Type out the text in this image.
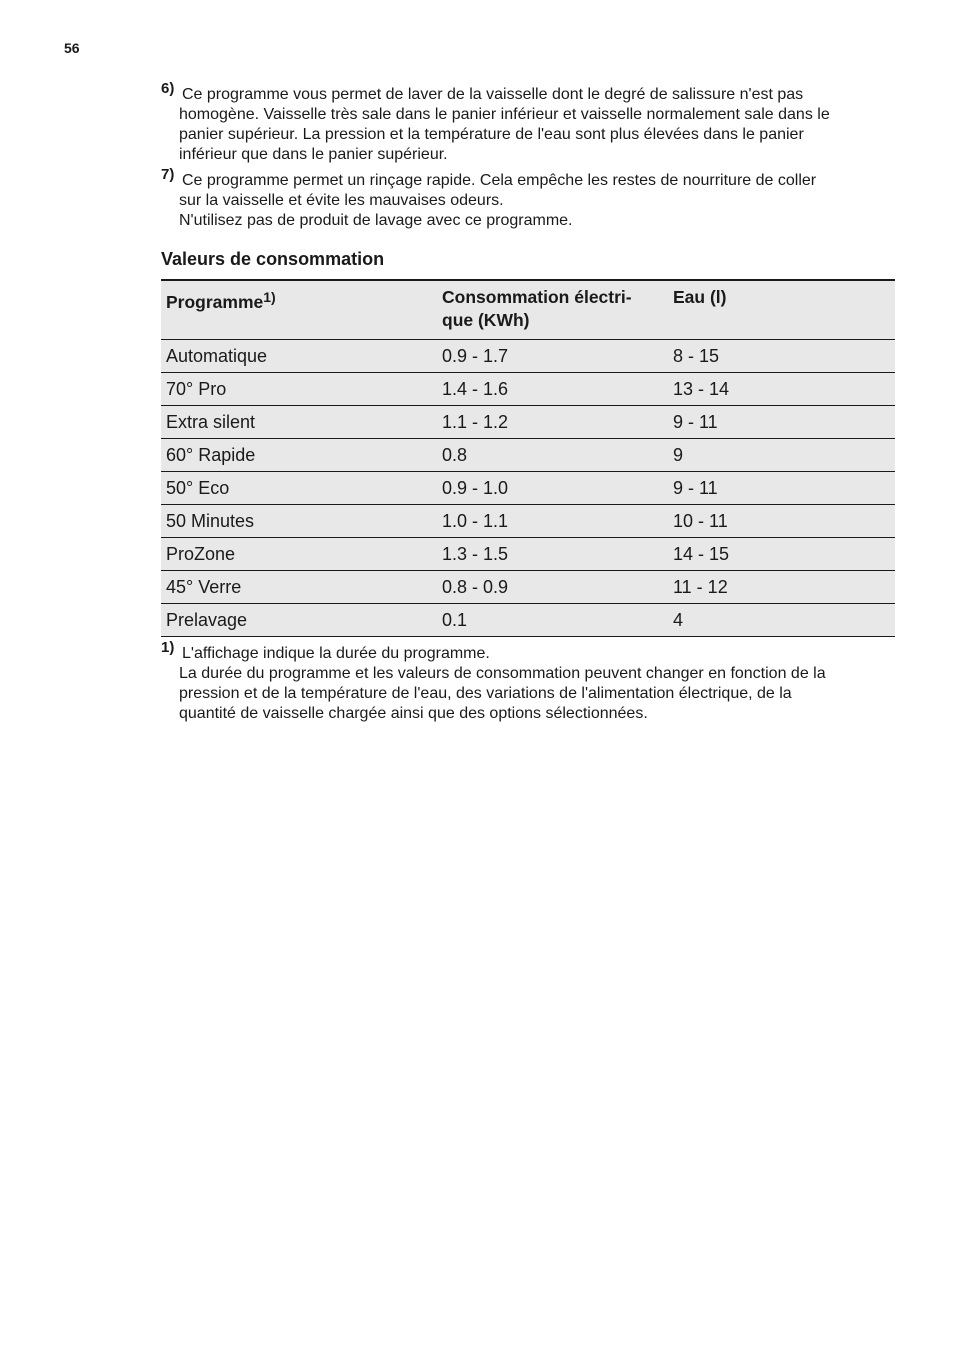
56
6) Ce programme vous permet de laver de la vaisselle dont le degré de salissure n'est pas
homogène. Vaisselle très sale dans le panier inférieur et vaisselle normalement sale dans le
panier supérieur. La pression et la température de l'eau sont plus élevées dans le panier
inférieur que dans le panier supérieur.
7) Ce programme permet un rinçage rapide. Cela empêche les restes de nourriture de coller
sur la vaisselle et évite les mauvaises odeurs.
N'utilisez pas de produit de lavage avec ce programme.
Valeurs de consommation
Programme$^{1)}$	Consommation électri-
que (KWh)	Eau (l)
Automatique	0.9 - 1.7	8 - 15
70° Pro	1.4 - 1.6	13 - 14
Extra silent	1.1 - 1.2	9 - 11
60° Rapide	0.8	9
50° Eco	0.9 - 1.0	9 - 11
50 Minutes	1.0 - 1.1	10 - 11
ProZone	1.3 - 1.5	14 - 15
45° Verre	0.8 - 0.9	11 - 12
Prelavage	0.1	4
1) L'affichage indique la durée du programme.
La durée du programme et les valeurs de consommation peuvent changer en fonction de la
pression et de la température de l'eau, des variations de l'alimentation électrique, de la
quantité de vaisselle chargée ainsi que des options sélectionnées.
